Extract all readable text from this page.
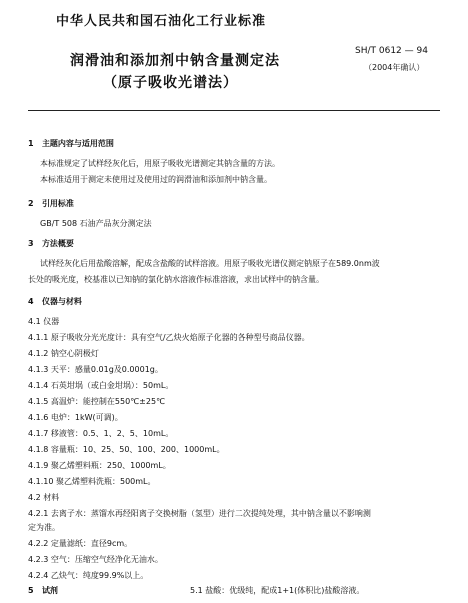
中华人民共和国石油化工行业标准
润滑油和添加剂中钠含量测定法
（原子吸收光谱法）
SH/T 0612 — 94
（2004年确认）
1 主题内容与适用范围
本标准规定了试样经灰化后，用原子吸收光谱测定其钠含量的方法。
本标准适用于测定未使用过及使用过的润滑油和添加剂中钠含量。
2 引用标准
GB/T 508 石油产品灰分测定法
3 方法概要
试样经灰化后用盐酸溶解，配成含盐酸的试样溶液。用原子吸收光谱仪测定钠原子在589.0nm波
长处的吸光度，校基准以已知钠的氯化钠水溶液作标准溶液，求出试样中的钠含量。
4 仪器与材料
4.1 仪器
4.1.1 原子吸收分光光度计：具有空气/乙炔火焰原子化器的各种型号商品仪器。
4.1.2 钠空心阴极灯
4.1.3 天平：感量0.01g及0.0001g。
4.1.4 石英坩埚（或白金坩埚）：50mL。
4.1.5 高温炉：能控制在550℃±25℃
4.1.6 电炉：1kW(可调)。
4.1.7 移液管：0.5、1、2、5、10mL。
4.1.8 容量瓶：10、25、50、100、200、1000mL。
4.1.9 聚乙烯塑料瓶：250、1000mL。
4.1.10 聚乙烯塑料洗瓶：500mL。
4.2 材料
4.2.1 去离子水：蒸馏水再经阳离子交换树脂（氢型）进行二次提纯处理，其中钠含量以不影响测
定为准。
4.2.2 定量滤纸：直径9cm。
4.2.3 空气：压缩空气经净化无油水。
4.2.4 乙炔气：纯度99.9%以上。
5 试剂	5.1 盐酸：优级纯，配成1+1(体积比)盐酸溶液。
